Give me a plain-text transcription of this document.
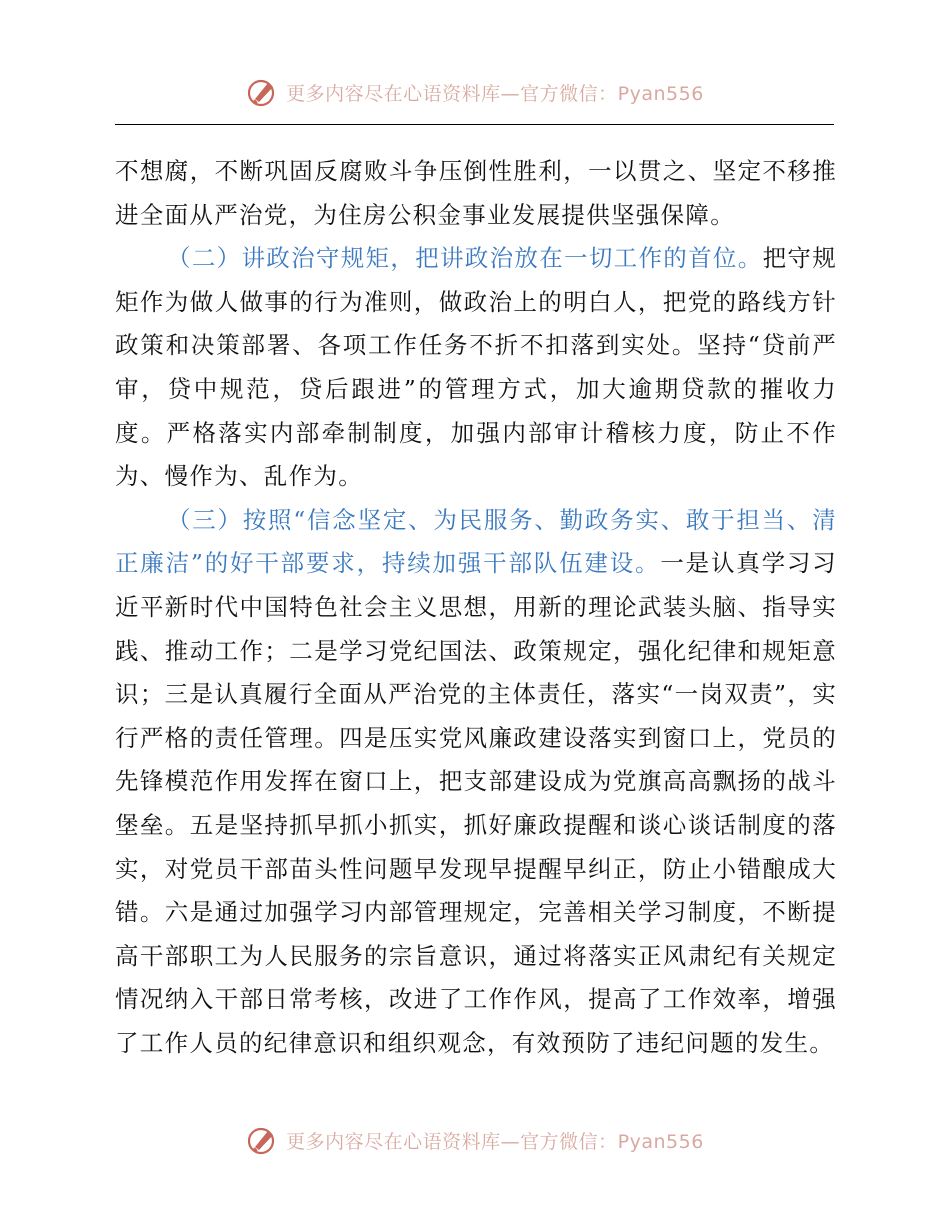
更多内容尽在心语资料库—官方微信：Pyan556

不想腐，不断巩固反腐败斗争压倒性胜利，一以贯之、坚定不移推进全面从严治党，为住房公积金事业发展提供坚强保障。

（二）讲政治守规矩，把讲政治放在一切工作的首位。把守规矩作为做人做事的行为准则，做政治上的明白人，把党的路线方针政策和决策部署、各项工作任务不折不扣落到实处。坚持“贷前严审，贷中规范，贷后跟进”的管理方式，加大逾期贷款的摧收力度。严格落实内部牵制制度，加强内部审计稽核力度，防止不作为、慢作为、乱作为。

（三）按照“信念坚定、为民服务、勤政务实、敢于担当、清正廉洁”的好干部要求，持续加强干部队伍建设。一是认真学习习近平新时代中国特色社会主义思想，用新的理论武装头脑、指导实践、推动工作；二是学习党纪国法、政策规定，强化纪律和规矩意识；三是认真履行全面从严治党的主体责任，落实“一岗双责”，实行严格的责任管理。四是压实党风廉政建设落实到窗口上，党员的先锋模范作用发挥在窗口上，把支部建设成为党旗高高飘扬的战斗堡垒。五是坚持抓早抓小抓实，抓好廉政提醒和谈心谈话制度的落实，对党员干部苗头性问题早发现早提醒早纠正，防止小错酿成大错。六是通过加强学习内部管理规定，完善相关学习制度，不断提高干部职工为人民服务的宗旨意识，通过将落实正风肃纪有关规定情况纳入干部日常考核，改进了工作作风，提高了工作效率，增强了工作人员的纪律意识和组织观念，有效预防了违纪问题的发生。

更多内容尽在心语资料库—官方微信：Pyan556
